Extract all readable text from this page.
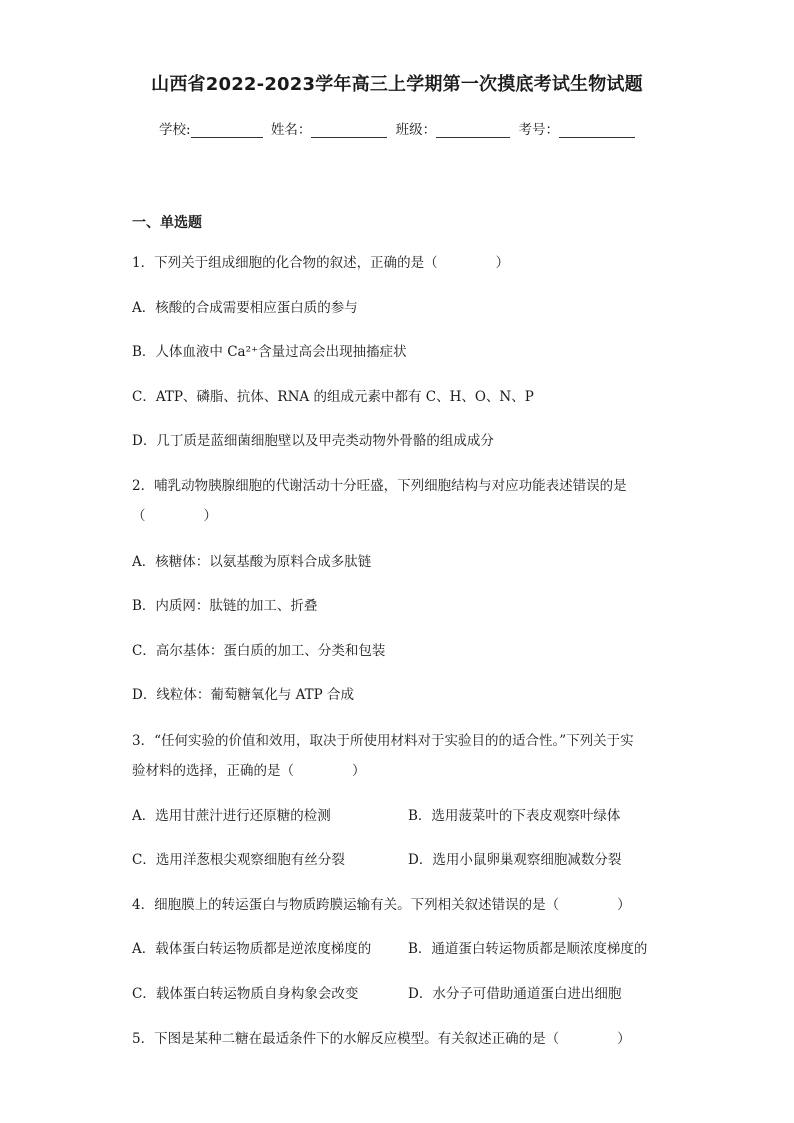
山西省2022-2023学年高三上学期第一次摸底考试生物试题
学校:	姓名：	班级：	考号：
一、单选题
1．下列关于组成细胞的化合物的叙述，正确的是（	）
A．核酸的合成需要相应蛋白质的参与
B．人体血液中 Ca²⁺含量过高会出现抽搐症状
C．ATP、磷脂、抗体、RNA 的组成元素中都有 C、H、O、N、P
D．几丁质是蓝细菌细胞壁以及甲壳类动物外骨骼的组成成分
2．哺乳动物胰腺细胞的代谢活动十分旺盛，下列细胞结构与对应功能表述错误的是
（	）
A．核糖体：以氨基酸为原料合成多肽链
B．内质网：肽链的加工、折叠
C．高尔基体：蛋白质的加工、分类和包装
D．线粒体：葡萄糖氧化与 ATP 合成
3．“任何实验的价值和效用，取决于所使用材料对于实验目的的适合性。”下列关于实
验材料的选择，正确的是（	）
A．选用甘蔗汁进行还原糖的检测	B．选用菠菜叶的下表皮观察叶绿体
C．选用洋葱根尖观察细胞有丝分裂	D．选用小鼠卵巢观察细胞减数分裂
4．细胞膜上的转运蛋白与物质跨膜运输有关。下列相关叙述错误的是（	）
A．载体蛋白转运物质都是逆浓度梯度的	B．通道蛋白转运物质都是顺浓度梯度的
C．载体蛋白转运物质自身构象会改变	D．水分子可借助通道蛋白进出细胞
5．下图是某种二糖在最适条件下的水解反应模型。有关叙述正确的是（	）
